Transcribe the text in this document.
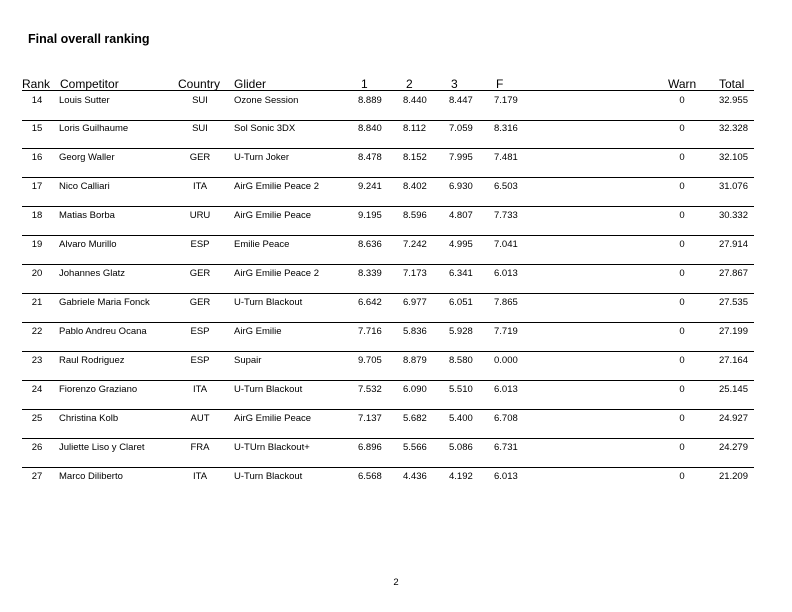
Final overall ranking
Rank Competitor	Country Glider	1	2	3	F	Warn Total
14	Louis Sutter	SUI	Ozone Session	8.889 8.440 8.447 7.179	0	32.955
15	Loris Guilhaume	SUI	Sol Sonic 3DX	8.840 8.112 7.059 8.316	0	32.328
16	Georg Waller	GER	U-Turn Joker	8.478 8.152 7.995 7.481	0	32.105
17	Nico Calliari	ITA	AirG Emilie Peace 2	9.241 8.402 6.930 6.503	0	31.076
18	Matias Borba	URU	AirG Emilie Peace	9.195 8.596 4.807 7.733	0	30.332
19	Alvaro Murillo	ESP	Emilie Peace	8.636 7.242 4.995 7.041	0	27.914
20	Johannes Glatz	GER	AirG Emilie Peace 2	8.339 7.173 6.341 6.013	0	27.867
21	Gabriele Maria Fonck	GER	U-Turn Blackout	6.642 6.977 6.051 7.865	0	27.535
22	Pablo Andreu Ocana	ESP	AirG Emilie	7.716 5.836 5.928 7.719	0	27.199
23	Raul Rodriguez	ESP	Supair	9.705 8.879 8.580 0.000	0	27.164
24	Fiorenzo Graziano	ITA	U-Turn Blackout	7.532 6.090 5.510 6.013	0	25.145
25	Christina Kolb	AUT	AirG Emilie Peace	7.137 5.682 5.400 6.708	0	24.927
26	Juliette Liso y Claret	FRA	U-TUrn Blackout+	6.896 5.566 5.086 6.731	0	24.279
27	Marco Diliberto	ITA	U-Turn Blackout	6.568 4.436 4.192 6.013	0	21.209
2
